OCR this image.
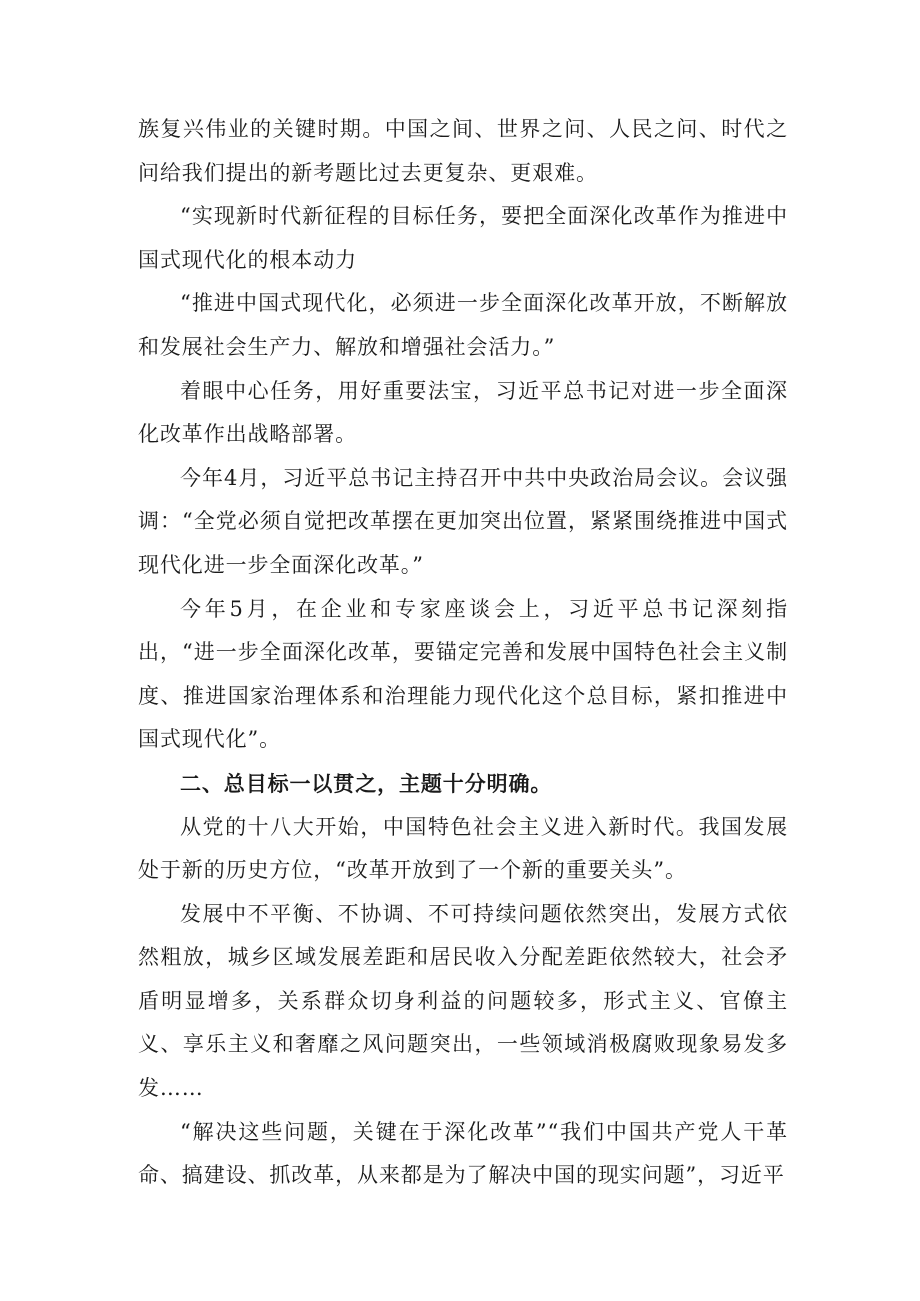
族复兴伟业的关键时期。中国之间、世界之问、人民之问、时代之问给我们提出的新考题比过去更复杂、更艰难。

“实现新时代新征程的目标任务，要把全面深化改革作为推进中国式现代化的根本动力

“推进中国式现代化，必须进一步全面深化改革开放，不断解放和发展社会生产力、解放和增强社会活力。”

着眼中心任务，用好重要法宝，习近平总书记对进一步全面深化改革作出战略部署。

今年4月，习近平总书记主持召开中共中央政治局会议。会议强调：“全党必须自觉把改革摆在更加突出位置，紧紧围绕推进中国式现代化进一步全面深化改革。”

今年5月，在企业和专家座谈会上，习近平总书记深刻指出，“进一步全面深化改革，要锚定完善和发展中国特色社会主义制度、推进国家治理体系和治理能力现代化这个总目标，紧扣推进中国式现代化”。

二、总目标一以贯之，主题十分明确。

从党的十八大开始，中国特色社会主义进入新时代。我国发展处于新的历史方位，“改革开放到了一个新的重要关头”。

发展中不平衡、不协调、不可持续问题依然突出，发展方式依然粗放，城乡区域发展差距和居民收入分配差距依然较大，社会矛盾明显增多，关系群众切身利益的问题较多，形式主义、官僚主义、享乐主义和奢靡之风问题突出，一些领域消极腐败现象易发多发……

“解决这些问题，关键在于深化改革”“我们中国共产党人干革命、搞建设、抓改革，从来都是为了解决中国的现实问题”，习近平
